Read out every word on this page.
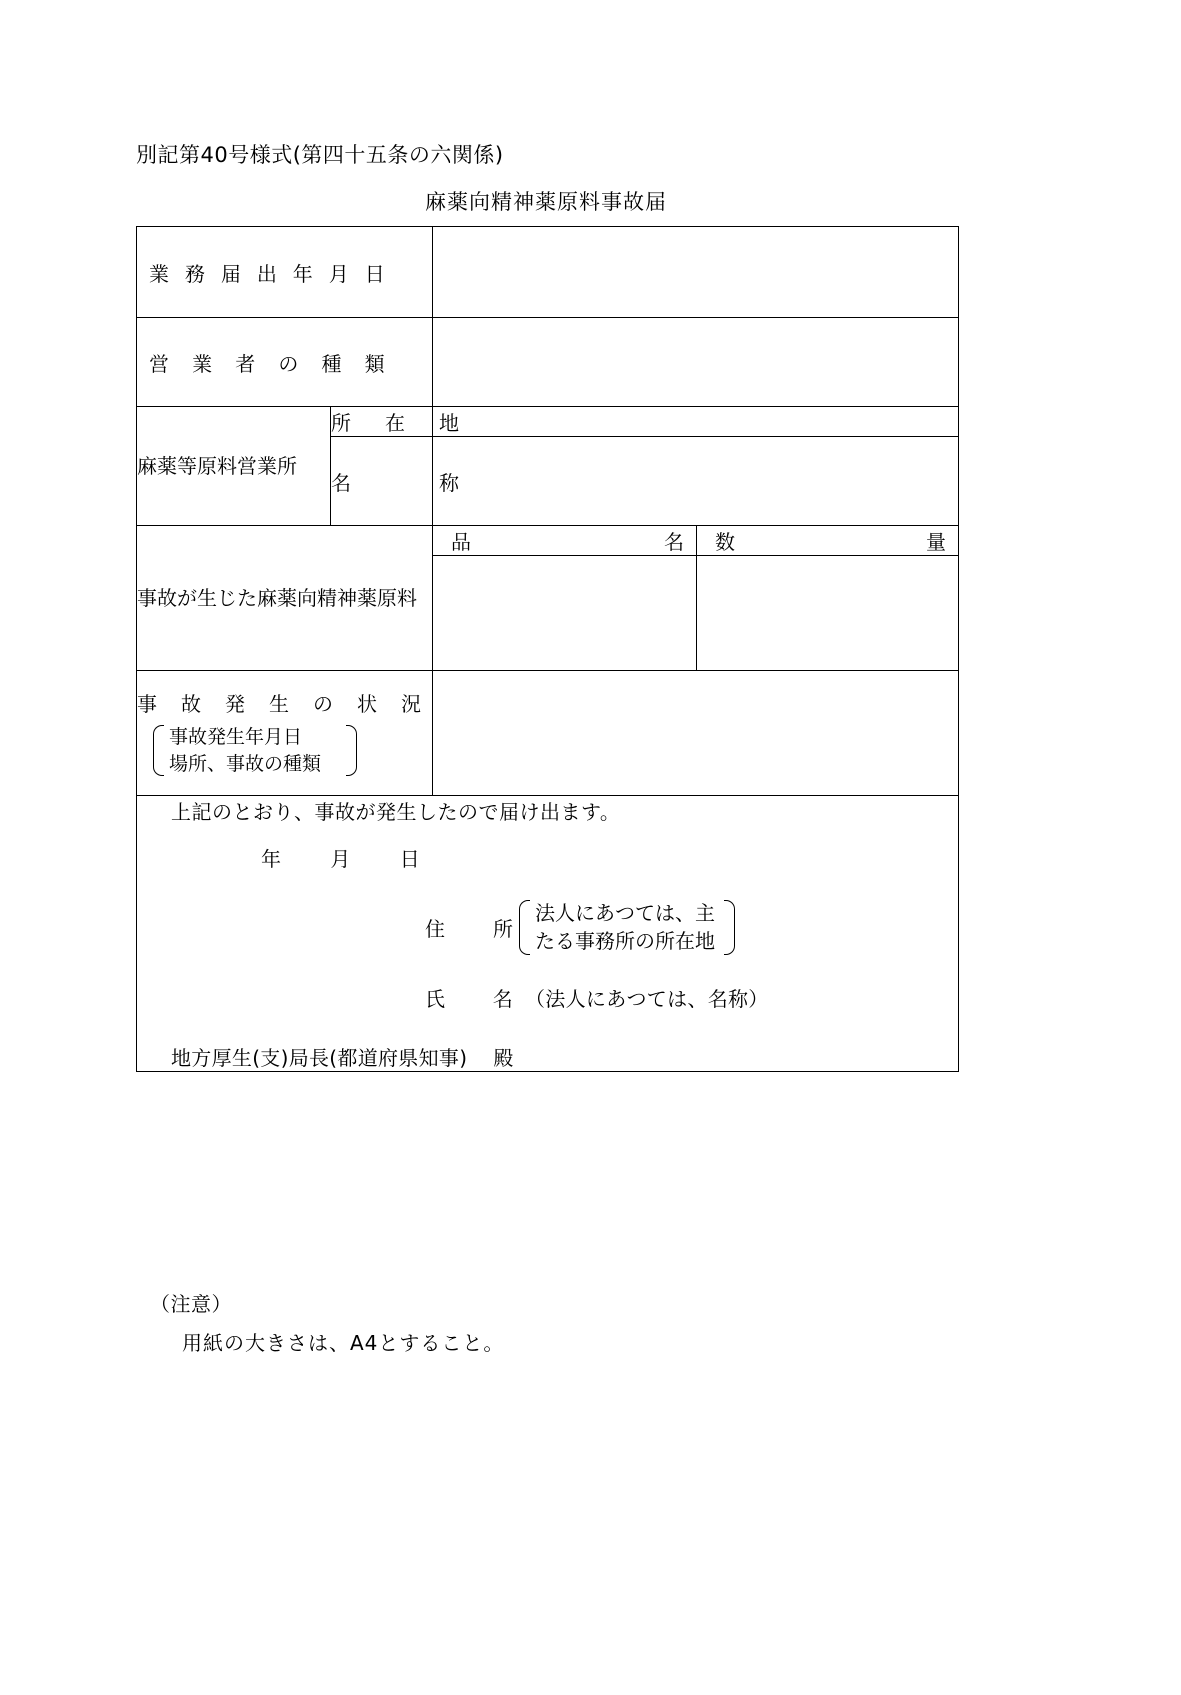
別記第40号様式(第四十五条の六関係)
麻薬向精神薬原料事故届
業務届出年月日			

営業者の種類			

麻薬等原料営業所	所在地		

	名称		

事故が生じた麻薬向精神薬原料		品名	数量

事故発生の状況
事故発生年月日
場所、事故の種類			

上記のとおり、事故が発生したので届け出ます。
年 月 日
住所
法人にあつては、主
たる事務所の所在地
氏名 （法人にあつては、名称）
地方厚生(支)局長(都道府県知事) 殿
（注意）
用紙の大きさは、A4とすること。
